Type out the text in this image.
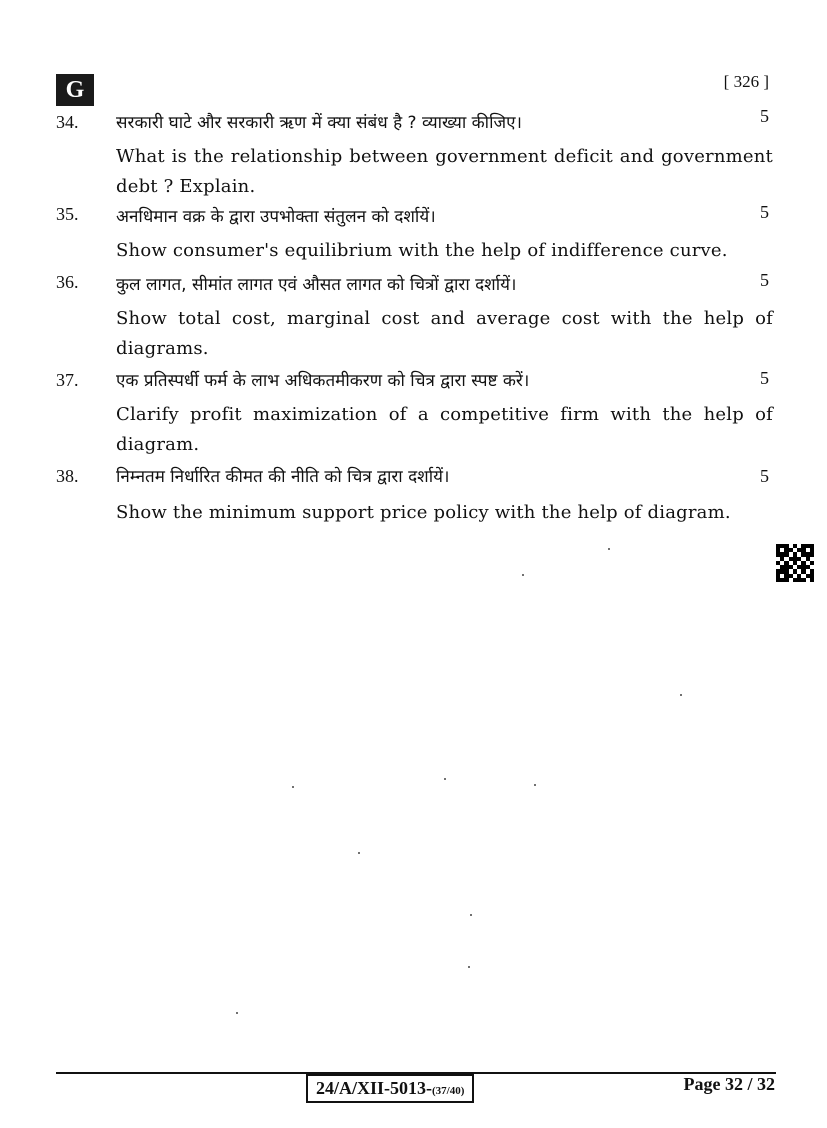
G	[ 326 ]
34. सरकारी घाटे और सरकारी ऋण में क्या संबंध है ? व्याख्या कीजिए।	5
What is the relationship between government deficit and government debt ? Explain.
35. अनधिमान वक्र के द्वारा उपभोक्ता संतुलन को दर्शायें।	5
Show consumer's equilibrium with the help of indifference curve.
36. कुल लागत, सीमांत लागत एवं औसत लागत को चित्रों द्वारा दर्शायें।	5
Show total cost, marginal cost and average cost with the help of diagrams.
37. एक प्रतिस्पर्धी फर्म के लाभ अधिकतमीकरण को चित्र द्वारा स्पष्ट करें।	5
Clarify profit maximization of a competitive firm with the help of diagram.
38. निम्नतम निर्धारित कीमत की नीति को चित्र द्वारा दर्शायें।	5
Show the minimum support price policy with the help of diagram.
24/A/XII-5013-(37/40)	Page 32 / 32
